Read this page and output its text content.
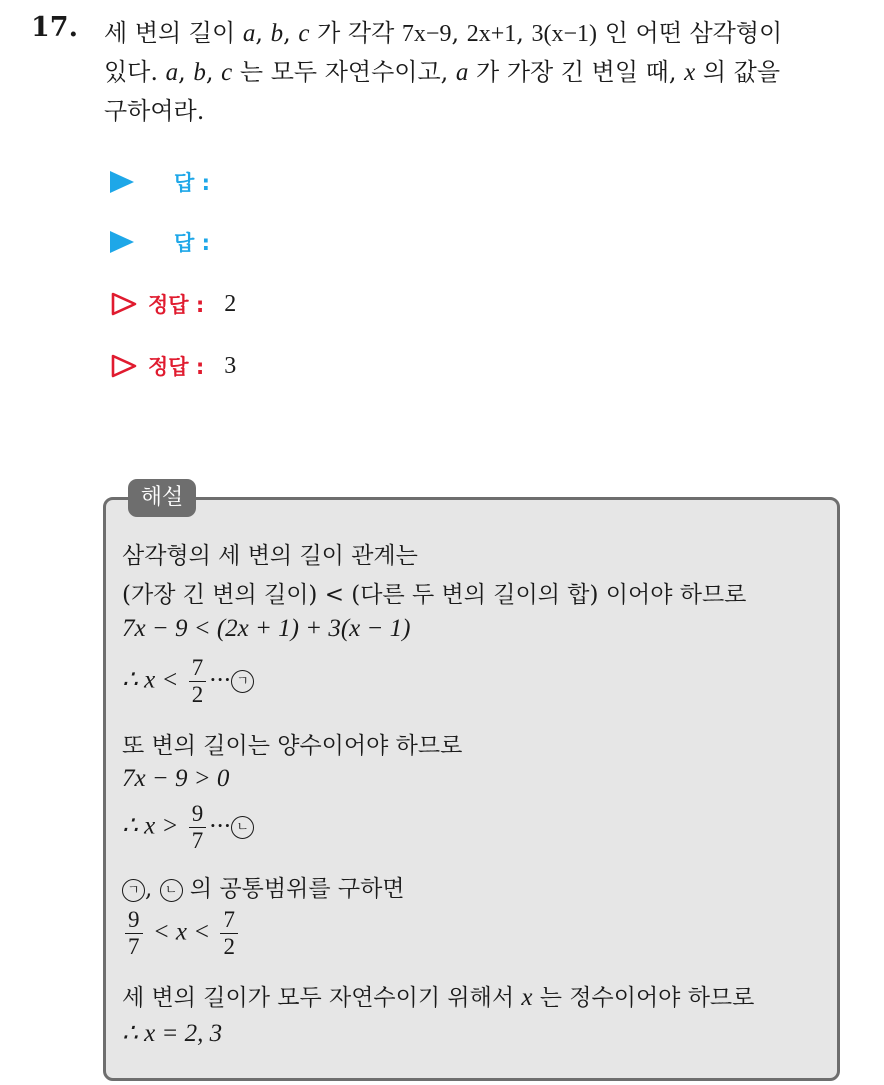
17. 세 변의 길이 a, b, c 가 각각 7x−9, 2x+1, 3(x−1) 인 어떤 삼각형이
있다. a, b, c 는 모두 자연수이고, a 가 가장 긴 변일 때, x 의 값을
구하여라.
답 :
답 :
정답 : 2
정답 : 3
해설
삼각형의 세 변의 길이 관계는
(가장 긴 변의 길이) < (다른 두 변의 길이의 합) 이어야 하므로
7x − 9 < (2x + 1) + 3(x − 1)
∴ $x < \frac{7}{2}$ ··· ㄱ
또 변의 길이는 양수이어야 하므로
7x − 9 > 0
∴ $x > \frac{9}{7}$ ··· ㄴ
ㄱ , ㄴ 의 공통범위를 구하면
$\frac{9}{7} < x < \frac{7}{2}$
세 변의 길이가 모두 자연수이기 위해서 x 는 정수이어야 하므로
∴ x = 2, 3
